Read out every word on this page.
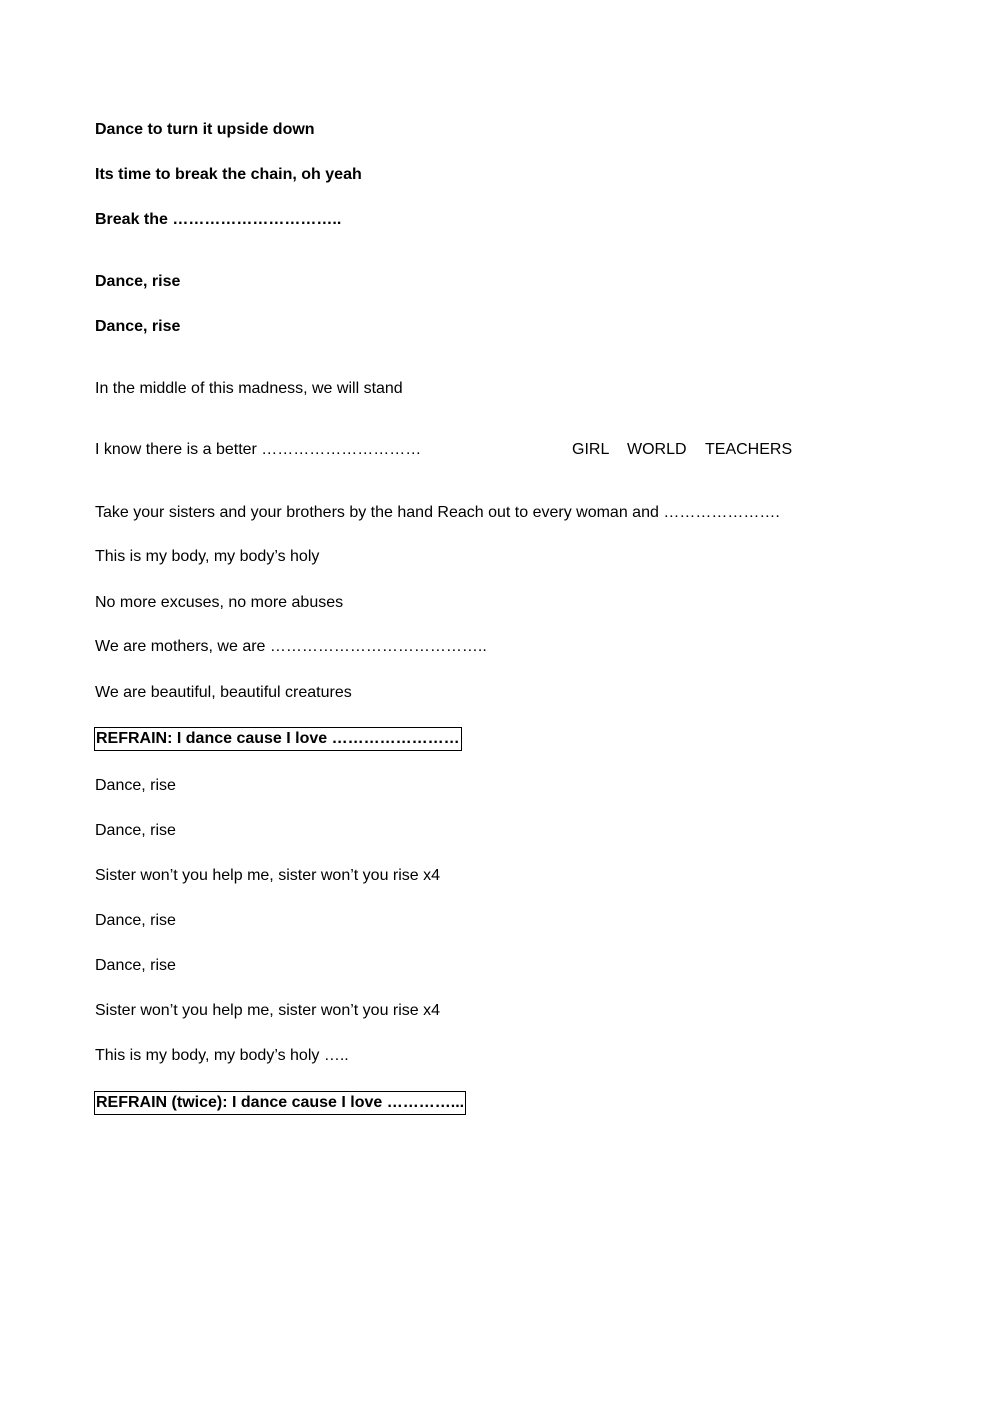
Dance to turn it upside down
Its time to break the chain, oh yeah
Break the …………………………..
Dance, rise
Dance, rise
In the middle of this madness, we will stand
I know there is a better …………………………	GIRL WORLD TEACHERS
Take your sisters and your brothers by the hand Reach out to every woman and ………………….
This is my body, my body’s holy
No more excuses, no more abuses
We are mothers, we are …………………………………..
We are beautiful, beautiful creatures
REFRAIN: I dance cause I love ……………………
Dance, rise
Dance, rise
Sister won’t you help me, sister won’t you rise x4
Dance, rise
Dance, rise
Sister won’t you help me, sister won’t you rise x4
This is my body, my body’s holy …..
REFRAIN (twice): I dance cause I love …………...
